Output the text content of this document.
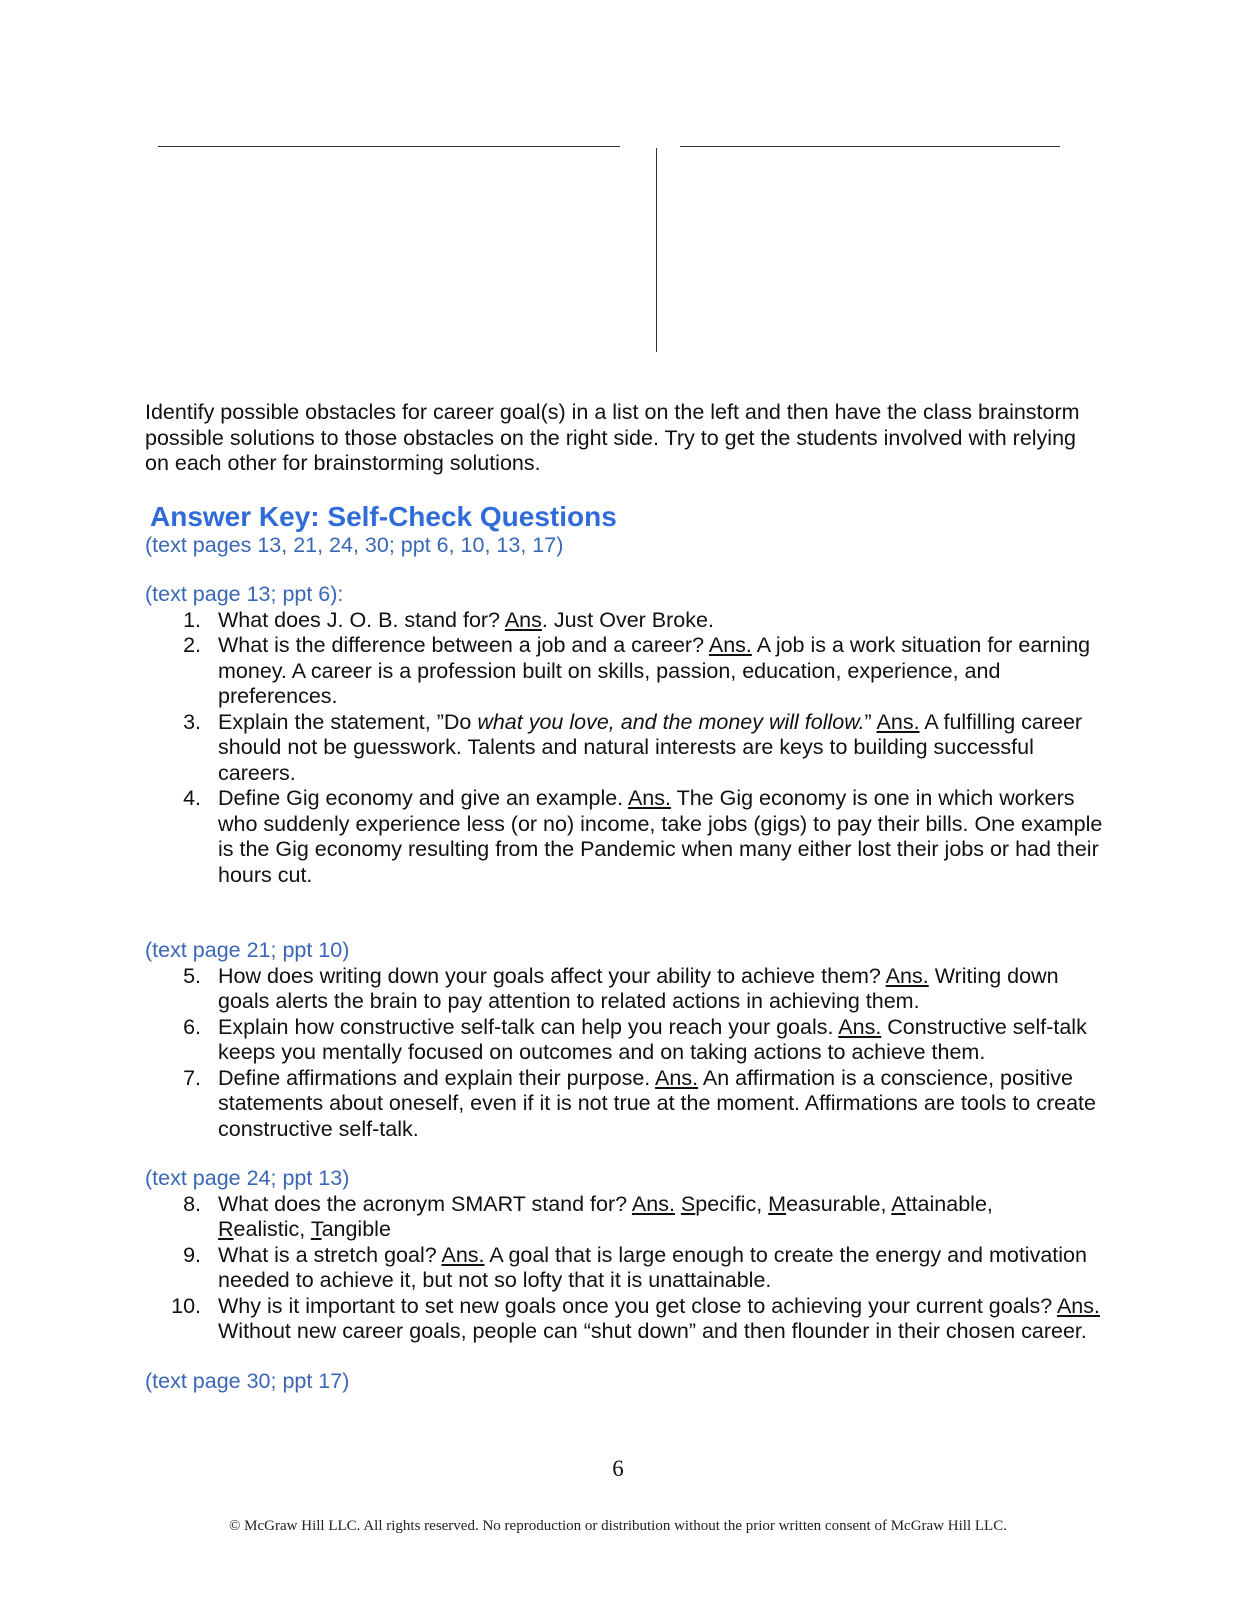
Identify possible obstacles for career goal(s) in a list on the left and then have the class brainstorm possible solutions to those obstacles on the right side. Try to get the students involved with relying on each other for brainstorming solutions.

Answer Key: Self-Check Questions
(text pages 13, 21, 24, 30; ppt 6, 10, 13, 17)
(text page 13; ppt 6):
1. What does J. O. B. stand for? Ans. Just Over Broke.
2. What is the difference between a job and a career? Ans. A job is a work situation for earning money. A career is a profession built on skills, passion, education, experience, and preferences.
3. Explain the statement, ”Do what you love, and the money will follow.” Ans. A fulfilling career should not be guesswork. Talents and natural interests are keys to building successful careers.
4. Define Gig economy and give an example. Ans. The Gig economy is one in which workers who suddenly experience less (or no) income, take jobs (gigs) to pay their bills. One example is the Gig economy resulting from the Pandemic when many either lost their jobs or had their hours cut.
(text page 21; ppt 10)
5. How does writing down your goals affect your ability to achieve them? Ans. Writing down goals alerts the brain to pay attention to related actions in achieving them.
6. Explain how constructive self-talk can help you reach your goals. Ans. Constructive self-talk keeps you mentally focused on outcomes and on taking actions to achieve them.
7. Define affirmations and explain their purpose. Ans. An affirmation is a conscience, positive statements about oneself, even if it is not true at the moment. Affirmations are tools to create constructive self-talk.
(text page 24; ppt 13)
8. What does the acronym SMART stand for? Ans. Specific, Measurable, Attainable,
Realistic, Tangible
9. What is a stretch goal? Ans. A goal that is large enough to create the energy and motivation needed to achieve it, but not so lofty that it is unattainable.
10. Why is it important to set new goals once you get close to achieving your current goals? Ans. Without new career goals, people can “shut down” and then flounder in their chosen career.
(text page 30; ppt 17)
6
© McGraw Hill LLC. All rights reserved. No reproduction or distribution without the prior written consent of McGraw Hill LLC.
